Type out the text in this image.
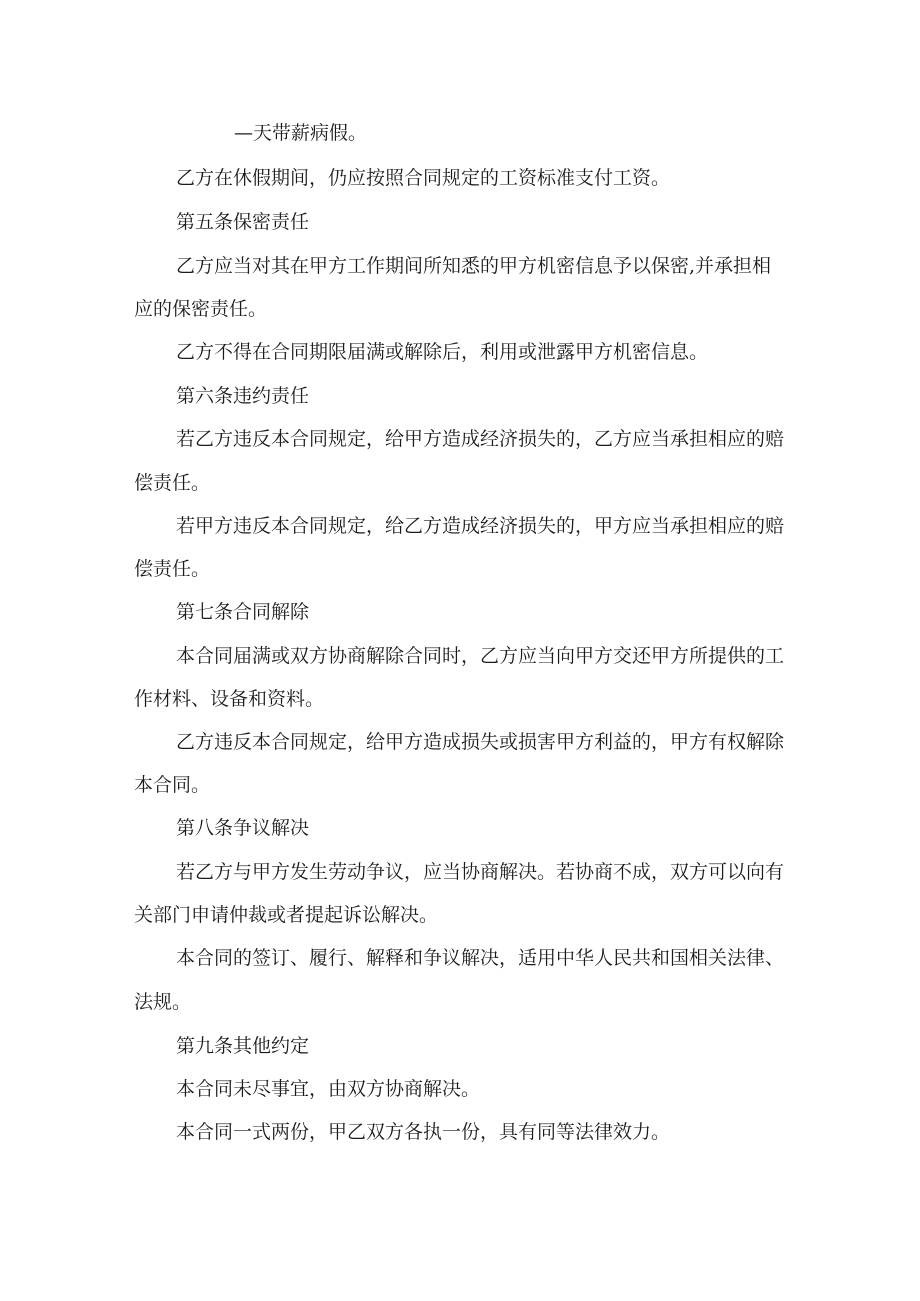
—天带薪病假。
乙方在休假期间，仍应按照合同规定的工资标准支付工资。
第五条保密责任
乙方应当对其在甲方工作期间所知悉的甲方机密信息予以保密,并承担相
应的保密责任。
乙方不得在合同期限届满或解除后，利用或泄露甲方机密信息。
第六条违约责任
若乙方违反本合同规定，给甲方造成经济损失的，乙方应当承担相应的赔
偿责任。
若甲方违反本合同规定，给乙方造成经济损失的，甲方应当承担相应的赔
偿责任。
第七条合同解除
本合同届满或双方协商解除合同时，乙方应当向甲方交还甲方所提供的工
作材料、设备和资料。
乙方违反本合同规定，给甲方造成损失或损害甲方利益的，甲方有权解除
本合同。
第八条争议解决
若乙方与甲方发生劳动争议，应当协商解决。若协商不成，双方可以向有
关部门申请仲裁或者提起诉讼解决。
本合同的签订、履行、解释和争议解决，适用中华人民共和国相关法律、
法规。
第九条其他约定
本合同未尽事宜，由双方协商解决。
本合同一式两份，甲乙双方各执一份，具有同等法律效力。
